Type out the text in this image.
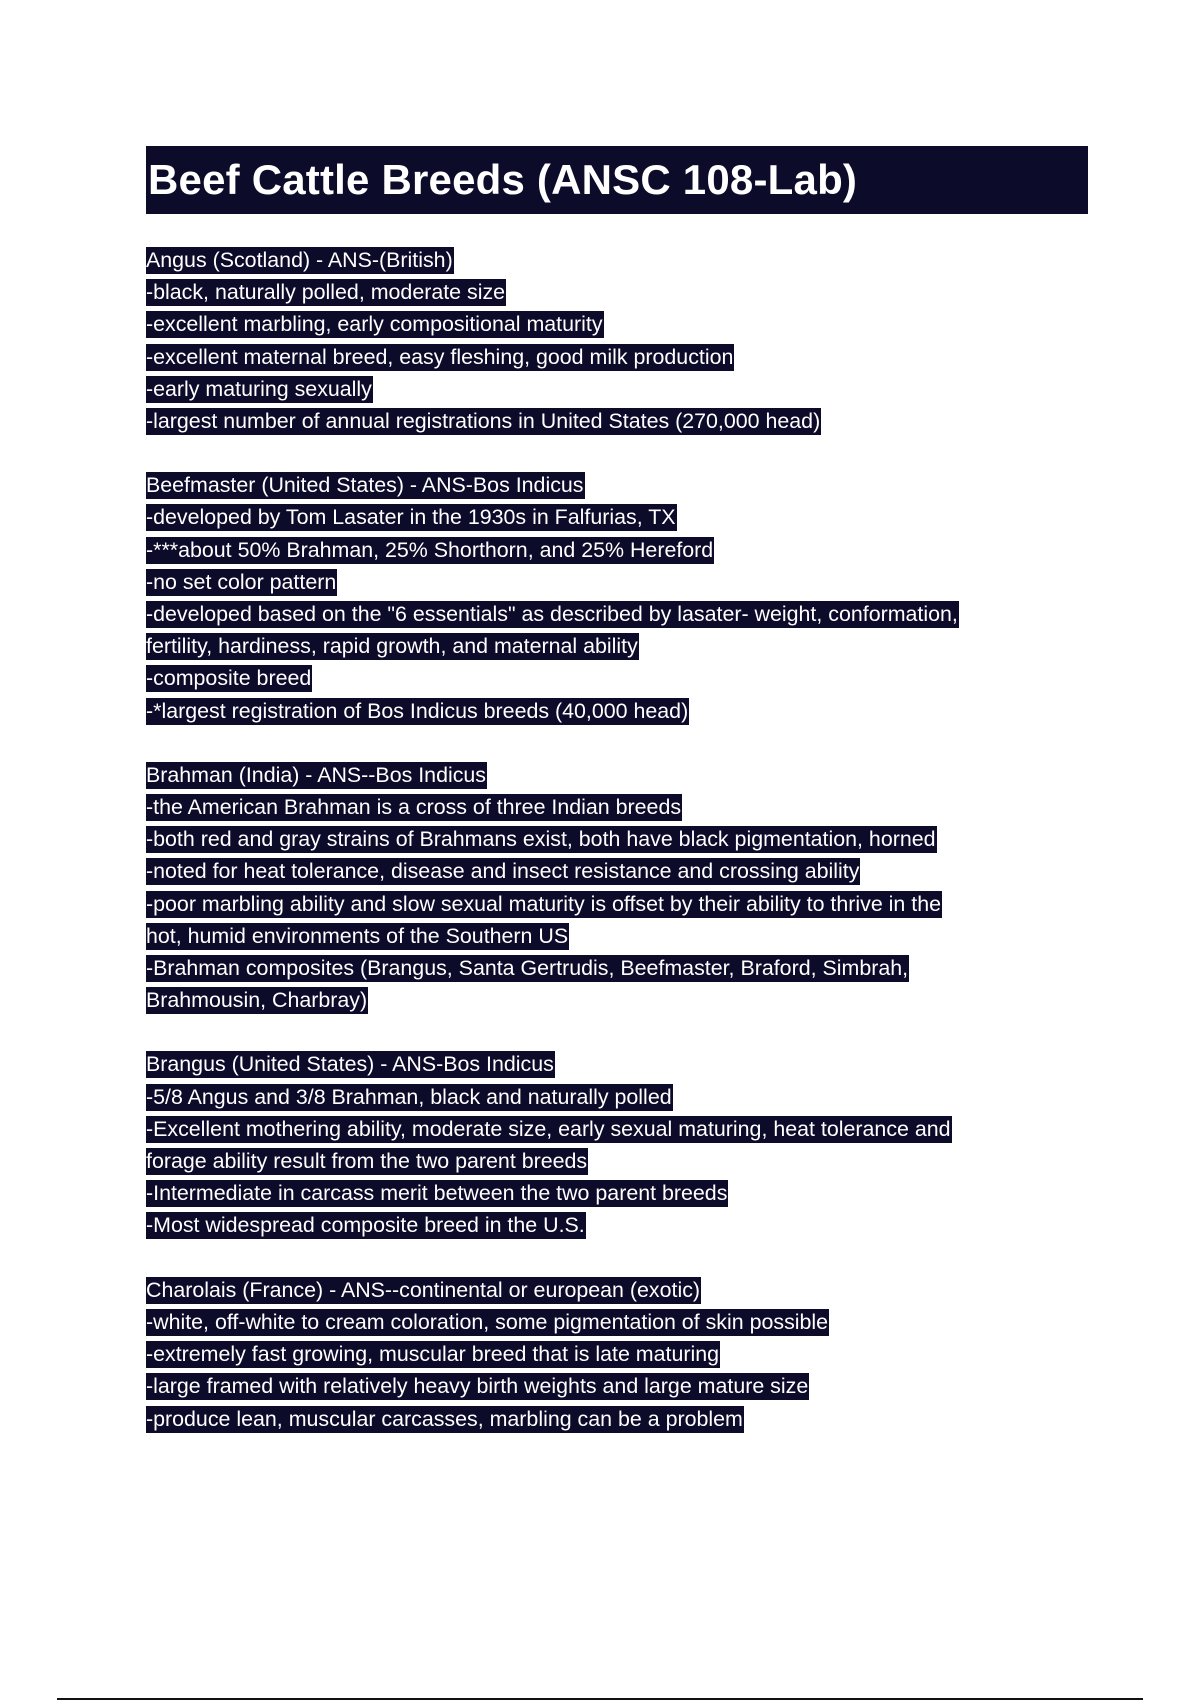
Beef Cattle Breeds (ANSC 108-Lab)

Angus (Scotland) - ANS-(British)

-black, naturally polled, moderate size

-excellent marbling, early compositional maturity

-excellent maternal breed, easy fleshing, good milk production

-early maturing sexually

-largest number of annual registrations in United States (270,000 head)

Beefmaster (United States) - ANS-Bos Indicus

-developed by Tom Lasater in the 1930s in Falfurias, TX

-***about 50% Brahman, 25% Shorthorn, and 25% Hereford

-no set color pattern

-developed based on the "6 essentials" as described by lasater- weight, conformation,

fertility, hardiness, rapid growth, and maternal ability

-composite breed

-*largest registration of Bos Indicus breeds (40,000 head)

Brahman (India) - ANS--Bos Indicus

-the American Brahman is a cross of three Indian breeds

-both red and gray strains of Brahmans exist, both have black pigmentation, horned

-noted for heat tolerance, disease and insect resistance and crossing ability

-poor marbling ability and slow sexual maturity is offset by their ability to thrive in the

hot, humid environments of the Southern US

-Brahman composites (Brangus, Santa Gertrudis, Beefmaster, Braford, Simbrah,

Brahmousin, Charbray)

Brangus (United States) - ANS-Bos Indicus

-5/8 Angus and 3/8 Brahman, black and naturally polled

-Excellent mothering ability, moderate size, early sexual maturing, heat tolerance and

forage ability result from the two parent breeds

-Intermediate in carcass merit between the two parent breeds

-Most widespread composite breed in the U.S.

Charolais (France) - ANS--continental or european (exotic)

-white, off-white to cream coloration, some pigmentation of skin possible

-extremely fast growing, muscular breed that is late maturing

-large framed with relatively heavy birth weights and large mature size

-produce lean, muscular carcasses, marbling can be a problem
